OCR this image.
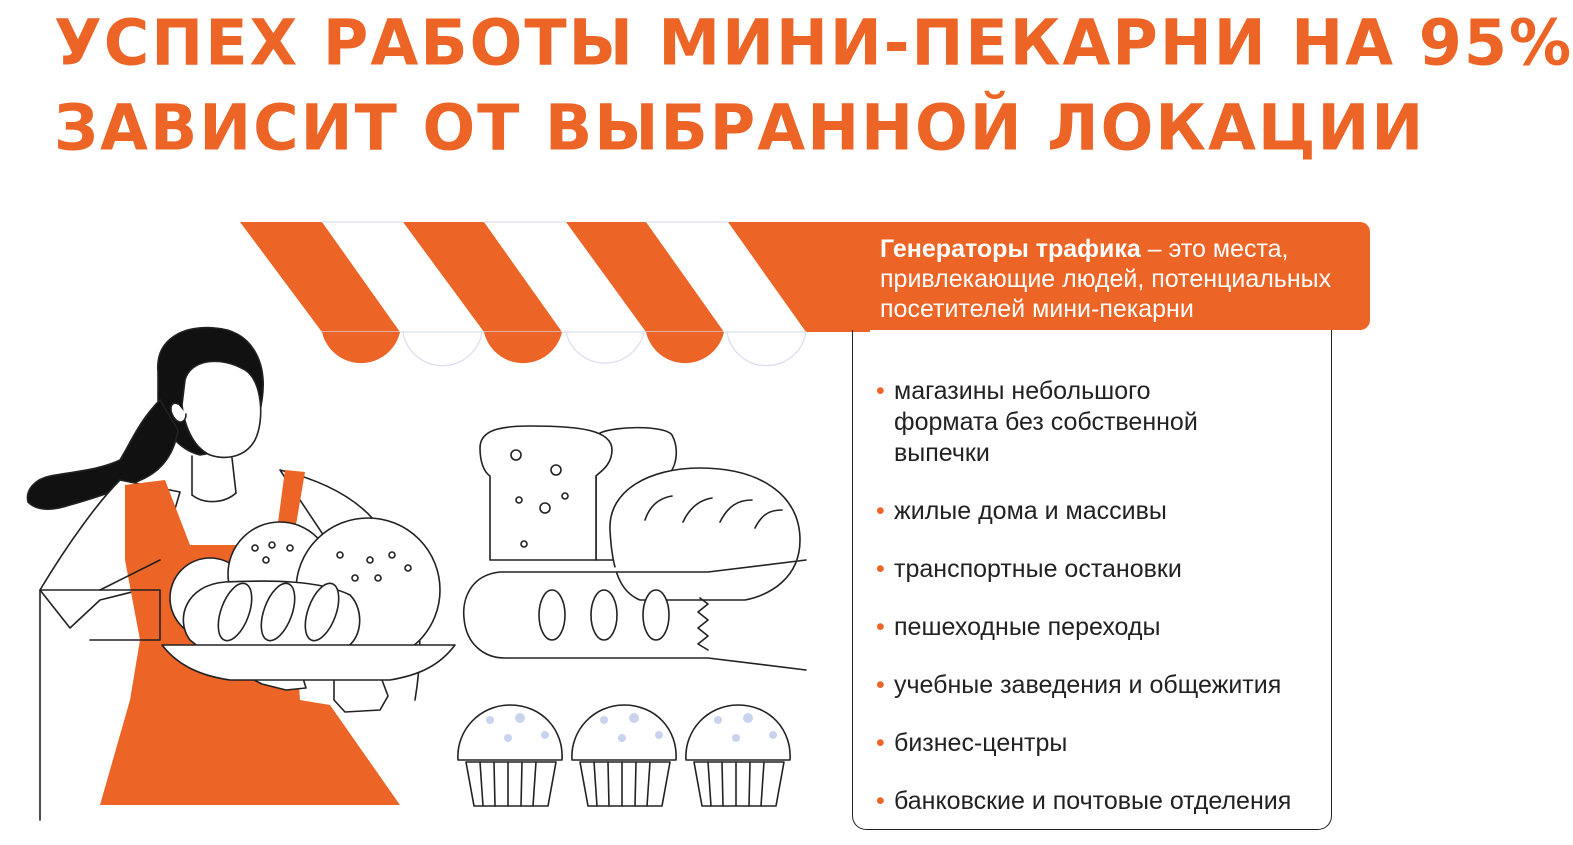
УСПЕХ РАБОТЫ МИНИ-ПЕКАРНИ НА 95%
ЗАВИСИТ ОТ ВЫБРАННОЙ ЛОКАЦИИ
Генераторы трафика – это места, привлекающие людей, потенциальных посетителей мини-пекарни
• магазины небольшого формата без собственной выпечки
• жилые дома и массивы
• транспортные остановки
• пешеходные переходы
• учебные заведения и общежития
• бизнес-центры
• банковские и почтовые отделения
